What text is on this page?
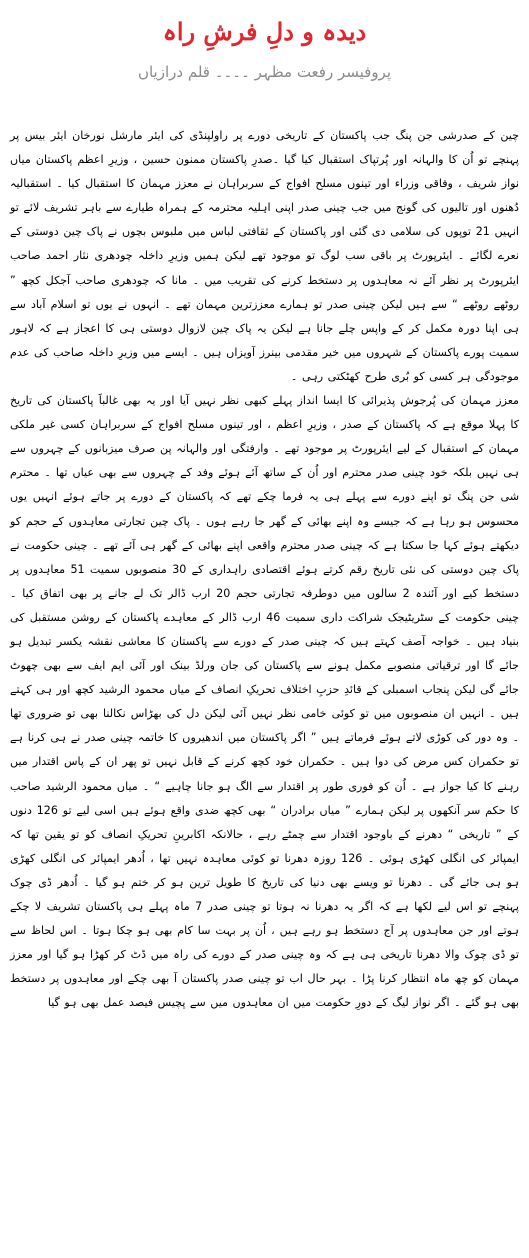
دیدہ و دلِ فرشِ راہ
پروفیسر رفعت مظہر ۔۔۔۔ قلم درازیاں

چین کے صدرشی جن پنگ جب پاکستان کے تاریخی دورے پر راولپنڈی کی ایئر مارشل نورخان ایئر بیس پر پہنچے تو اُن کا والہانہ اور پُرتپاک استقبال کیا گیا ۔صدرِ پاکستان ممنون حسین ، وزیرِ اعظم پاکستان میاں نواز شریف ، وفاقی وزراء اور تینوں مسلح افواج کے سربراہان نے معزز مہمان کا استقبال کیا ۔ استقبالیہ دُھنوں اور تالیوں کی گونج میں جب چینی صدر اپنی اہلیہ محترمہ کے ہمراہ طیارے سے باہر تشریف لائے تو انہیں 21 توپوں کی سلامی دی گئی اور پاکستان کے ثقافتی لباس میں ملبوس بچوں نے پاک چین دوستی کے نعرے لگائے ۔ ایئرپورٹ پر باقی سب لوگ تو موجود تھے لیکن ہمیں وزیرِ داخلہ چودھری نثار احمد صاحب ایئرپورٹ پر نظر آئے نہ معاہدوں پر دستخط کرنے کی تقریب میں ۔ مانا کہ چودھری صاحب آجکل کچھ ” روٹھے روٹھے “ سے ہیں لیکن چینی صدر تو ہمارے معززترین مہمان تھے ۔ انہوں نے یوں تو اسلام آباد سے ہی اپنا دورہ مکمل کر کے واپس چلے جانا ہے لیکن یہ پاک چین لازوال دوستی ہی کا اعجاز ہے کہ لاہور سمیت پورے پاکستان کے شہروں میں خیر مقدمی بینرز آویزاں ہیں ۔ ایسے میں وزیرِ داخلہ صاحب کی عدم موجودگی ہر کسی کو بُری طرح کھٹکتی رہی ۔

معزز مہمان کی پُرجوش پذیرائی کا ایسا انداز پہلے کبھی نظر نہیں آیا اور یہ بھی غالباََ پاکستان کی تاریخ کا پہلا موقع ہے کہ پاکستان کے صدر ، وزیرِ اعظم ، اور تینوں مسلح افواج کے سربراہان کسی غیر ملکی مہمان کے استقبال کے لیے ایئرپورٹ پر موجود تھے ۔ وارفتگی اور والہانہ پن صرف میزبانوں کے چہروں سے ہی نہیں بلکہ خود چینی صدر محترم اور اُن کے ساتھ آئے ہوئے وفد کے چہروں سے بھی عیاں تھا ۔ محترم شی جن پنگ تو اپنے دورے سے پہلے ہی یہ فرما چکے تھے کہ پاکستان کے دورے پر جاتے ہوئے انہیں یوں محسوس ہو رہا ہے کہ جیسے وہ اپنے بھائی کے گھر جا رہے ہوں ۔ پاک چین تجارتی معاہدوں کے حجم کو دیکھتے ہوئے کہا جا سکتا ہے کہ چینی صدر محترم واقعی اپنے بھائی کے گھر ہی آئے تھے ۔ چینی حکومت نے پاک چین دوستی کی نئی تاریخ رقم کرتے ہوئے اقتصادی راہداری کے 30 منصوبوں سمیت 51 معاہدوں پر دستخط کیے اور آئندہ 2 سالوں میں دوطرفہ تجارتی حجم 20 ارب ڈالر تک لے جانے پر بھی اتفاق کیا ۔ چینی حکومت کے سٹریٹیجک شراکت داری سمیت 46 ارب ڈالر کے معاہدے پاکستان کے روشن مستقبل کی بنیاد ہیں ۔ خواجہ آصف کہتے ہیں کہ چینی صدر کے دورے سے پاکستان کا معاشی نقشہ یکسر تبدیل ہو جائے گا اور ترقیاتی منصوبے مکمل ہونے سے پاکستان کی جان ورلڈ بینک اور آئی ایم ایف سے بھی چھوٹ جائے گی لیکن پنجاب اسمبلی کے قائدِ حزبِ اختلاف تحریکِ انصاف کے میاں محمود الرشید کچھ اور ہی کہتے ہیں ۔ انہیں ان منصوبوں میں تو کوئی خامی نظر نہیں آئی لیکن دل کی بھڑاس نکالنا بھی تو ضروری تھا ۔ وہ دور کی کوڑی لاتے ہوئے فرماتے ہیں ” اگر پاکستان میں اندھیروں کا خاتمہ چینی صدر نے ہی کرنا ہے تو حکمران کس مرض کی دوا ہیں ۔ حکمران خود کچھ کرنے کے قابل نہیں تو پھر ان کے پاس اقتدار میں رہنے کا کیا جواز ہے ۔ اُن کو فوری طور پر اقتدار سے الگ ہو جانا چاہیے “ ۔ میاں محمود الرشید صاحب کا حکم سر آنکھوں پر لیکن ہمارے ” میاں برادران “ بھی کچھ ضدی واقع ہوئے ہیں اسی لیے تو 126 دنوں کے ” تاریخی “ دھرنے کے باوجود اقتدار سے چمٹے رہے ، حالانکہ اکابرینِ تحریکِ انصاف کو تو یقین تھا کہ ایمپائر کی انگلی کھڑی ہوئی ۔ 126 روزہ دھرنا تو کوئی معاہدہ نہیں تھا ، اُدھر ایمپائر کی انگلی کھڑی ہو ہی جائے گی ۔ دھرنا تو ویسے بھی دنیا کی تاریخ کا طویل ترین ہو کر ختم ہو گیا ۔ اُدھر ڈی چوک پہنچے تو اس لیے لکھا ہے کہ اگر یہ دھرنا نہ ہوتا تو چینی صدر 7 ماہ پہلے ہی پاکستان تشریف لا چکے ہوتے اور جن معاہدوں پر آج دستخط ہو رہے ہیں ، اُن پر بہت سا کام بھی ہو چکا ہوتا ۔ اس لحاظ سے تو ڈی چوک والا دھرنا تاریخی ہی ہے کہ وہ چینی صدر کے دورے کی راہ میں ڈٹ کر کھڑا ہو گیا اور معزز مہمان کو چھ ماہ انتظار کرنا پڑا ۔ بہر حال اب تو چینی صدر پاکستان آ بھی چکے اور معاہدوں پر دستخط بھی ہو گئے ۔ اگر نواز لیگ کے دورِ حکومت میں ان معاہدوں میں سے پچیس فیصد عمل بھی ہو گیا
